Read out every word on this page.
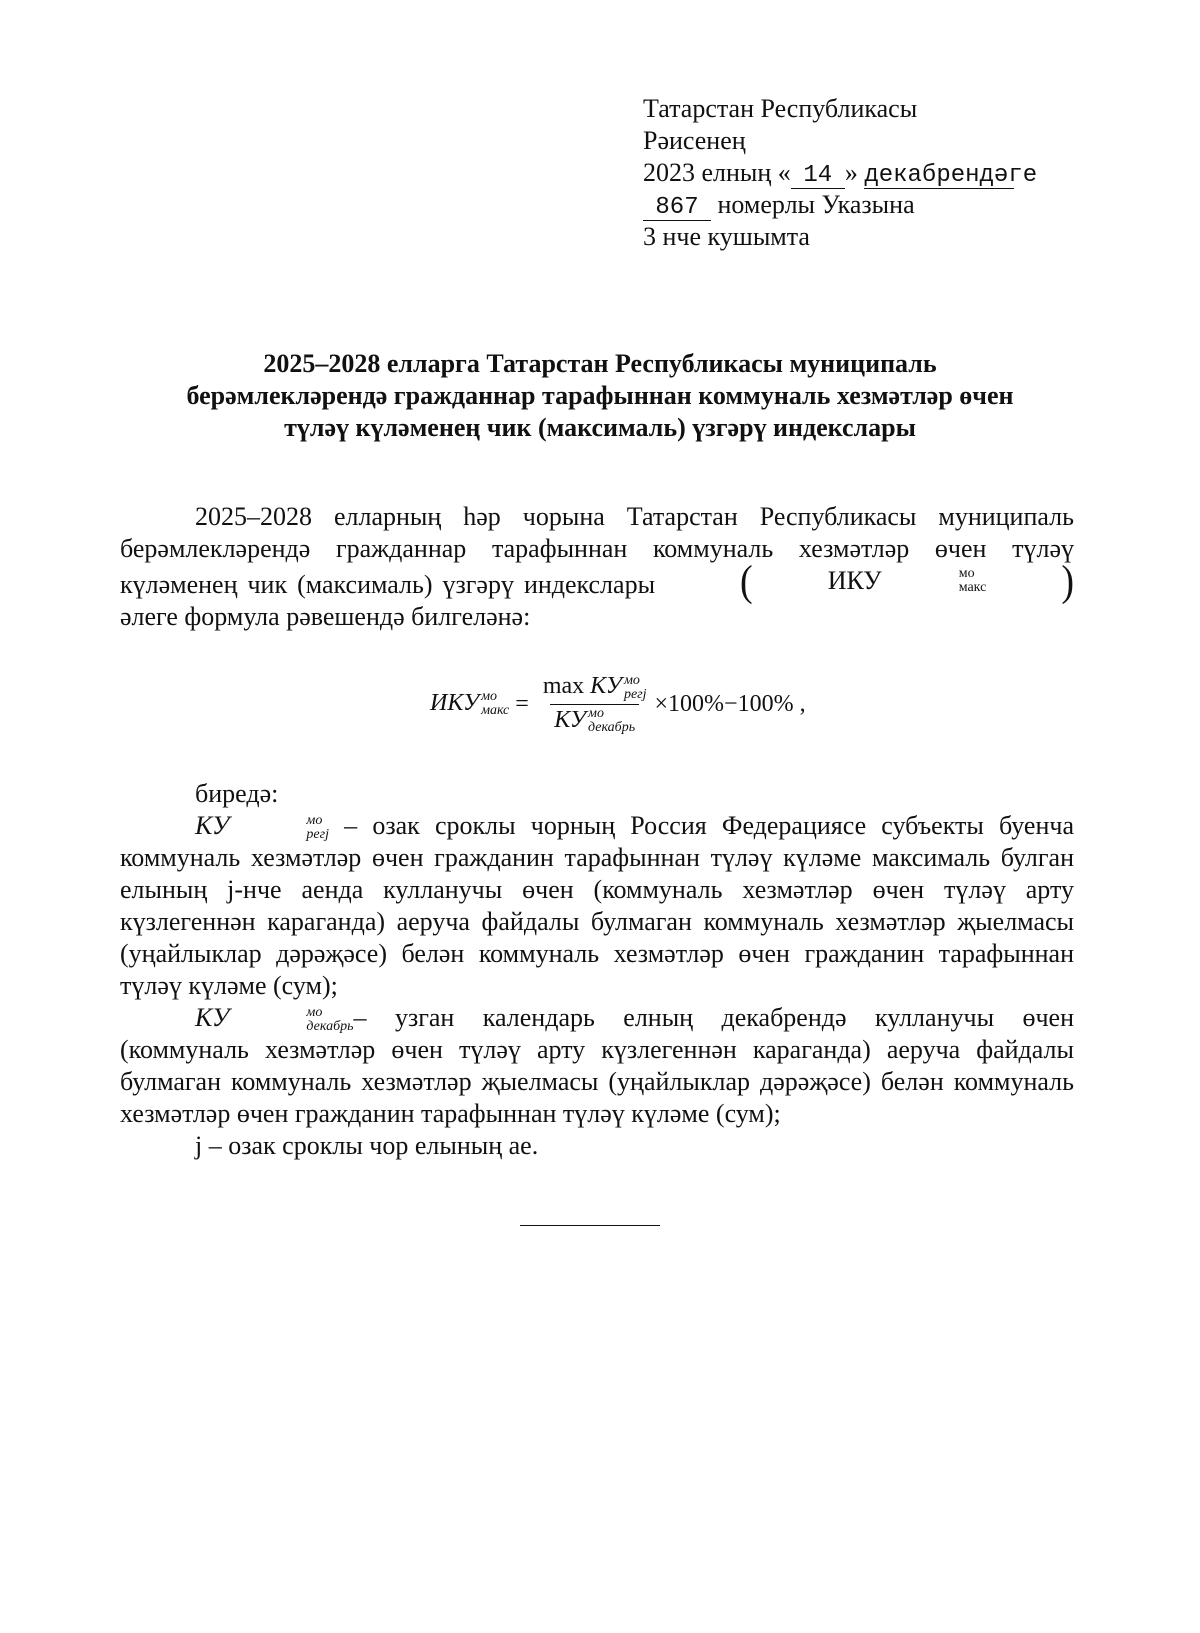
Татарстан Республикасы
Рәисенең
2023 елның « 14 » декабрендәге
867 номерлы Указына
3 нче кушымта
2025–2028 елларга Татарстан Республикасы муниципаль
берәмлекләрендә гражданнар тарафыннан коммуналь хезмәтләр өчен
түләү күләменең чик (максималь) үзгәрү индекслары

2025–2028 елларның һәр чорына Татарстан Республикасы муниципаль берәмлекләрендә гражданнар тарафыннан коммуналь хезмәтләр өчен түләү күләменең чик (максималь) үзгәрү индекслары	(	ИКУ	мо
макс	)
әлеге формула рәвешендә билгеләнә:

ИКУ мо
макс = max КУ мо
регj
КУ мо
декабрь ×100%−100% ,

биредә:

КУ	мо
регj – озак сроклы чорның Россия Федерациясе субъекты буенча коммуналь хезмәтләр өчен гражданин тарафыннан түләү күләме максималь булган елының j-нче аенда кулланучы өчен (коммуналь хезмәтләр өчен түләү арту күзлегеннән караганда) аеруча файдалы булмаган коммуналь хезмәтләр җыелмасы (уңайлыклар дәрәҗәсе) белән коммуналь хезмәтләр өчен гражданин тарафыннан түләү күләме (сум);

КУ	мо
декабрь – узган календарь елның декабрендә кулланучы өчен (коммуналь хезмәтләр өчен түләү арту күзлегеннән караганда) аеруча файдалы булмаган коммуналь хезмәтләр җыелмасы (уңайлыклар дәрәҗәсе) белән коммуналь хезмәтләр өчен гражданин тарафыннан түләү күләме (сум);

j – озак сроклы чор елының ае.
